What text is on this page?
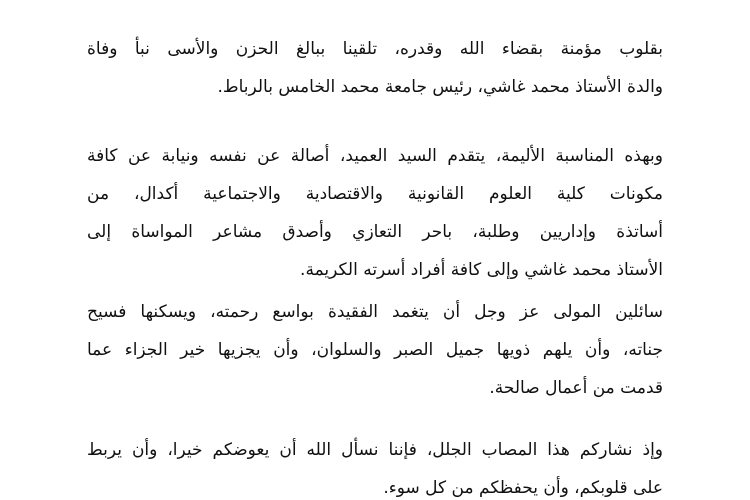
بقلوب مؤمنة بقضاء الله وقدره، تلقينا ببالغ الحزن والأسى نبأ وفاة
والدة الأستاذ محمد غاشي، رئيس جامعة محمد الخامس بالرباط.
وبهذه المناسبة الأليمة، يتقدم السيد العميد، أصالة عن نفسه ونيابة عن كافة
مكونات كلية العلوم القانونية والاقتصادية والاجتماعية أكدال، من
أساتذة وإداريين وطلبة، باحر التعازي وأصدق مشاعر المواساة إلى
الأستاذ محمد غاشي وإلى كافة أفراد أسرته الكريمة.
سائلين المولى عز وجل أن يتغمد الفقيدة بواسع رحمته، ويسكنها فسيح
جناته، وأن يلهم ذويها جميل الصبر والسلوان، وأن يجزيها خير الجزاء عما
قدمت من أعمال صالحة.
وإذ نشاركم هذا المصاب الجلل، فإننا نسأل الله أن يعوضكم خيرا، وأن يربط
على قلوبكم، وأن يحفظكم من كل سوء.
